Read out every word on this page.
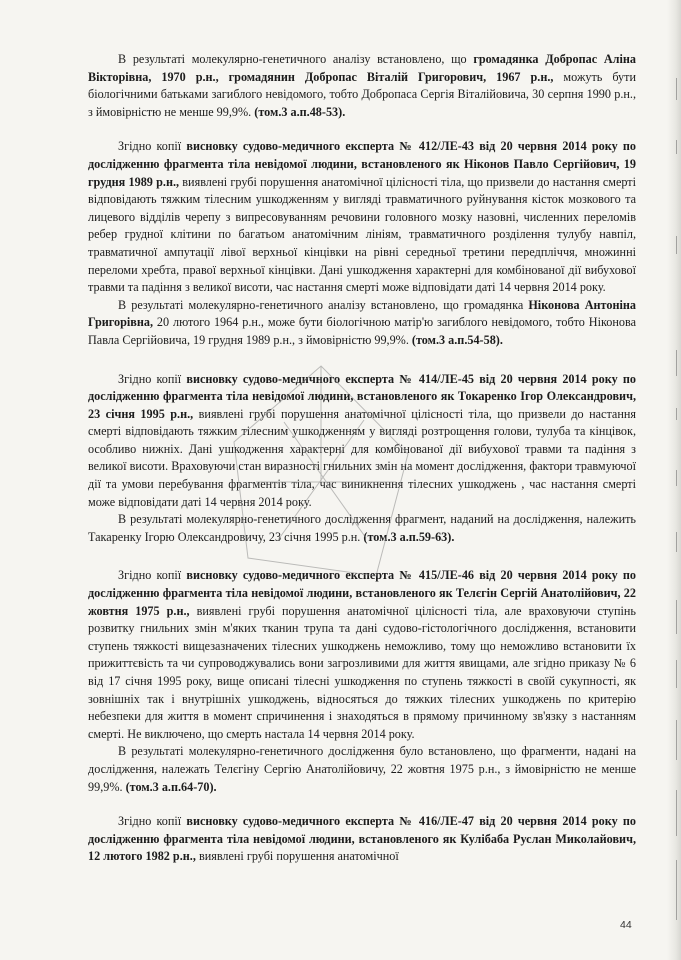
В результаті молекулярно-генетичного аналізу встановлено, що громадянка Добропас Аліна Вікторівна, 1970 р.н., громадянин Добропас Віталій Григорович, 1967 р.н., можуть бути біологічними батьками загиблого невідомого, тобто Добропаса Сергія Віталійовича, 30 серпня 1990 р.н., з ймовірністю не менше 99,9%. (том.3 а.п.48-53).

Згідно копії висновку судово-медичного експерта № 412/ЛЕ-43 від 20 червня 2014 року по дослідженню фрагмента тіла невідомої людини, встановленого як Ніконов Павло Сергійович, 19 грудня 1989 р.н., виявлені грубі порушення анатомічної цілісності тіла, що призвели до настання смерті відповідають тяжким тілесним ушкодженням у вигляді травматичного руйнування кісток мозкового та лицевого відділів черепу з випресовуванням речовини головного мозку назовні, численних переломів ребер грудної клітини по багатьом анатомічним лініям, травматичного розділення тулубу навпіл, травматичної ампутації лівої верхньої кінцівки на рівні середньої третини передпліччя, множинні переломи хребта, правої верхньої кінцівки. Дані ушкодження характерні для комбінованої дії вибухової травми та падіння з великої висоти, час настання смерті може відповідати даті 14 червня 2014 року.

В результаті молекулярно-генетичного аналізу встановлено, що громадянка Ніконова Антоніна Григорівна, 20 лютого 1964 р.н., може бути біологічною матір'ю загиблого невідомого, тобто Ніконова Павла Сергійовича, 19 грудня 1989 р.н., з ймовірністю 99,9%. (том.3 а.п.54-58).

Згідно копії висновку судово-медичного експерта № 414/ЛЕ-45 від 20 червня 2014 року по дослідженню фрагмента тіла невідомої людини, встановленого як Токаренко Ігор Олександрович, 23 січня 1995 р.н., виявлені грубі порушення анатомічної цілісності тіла, що призвели до настання смерті відповідають тяжким тілесним ушкодженням у вигляді розтрощення голови, тулуба та кінцівок, особливо нижніх. Дані ушкодження характерні для комбінованої дії вибухової травми та падіння з великої висоти. Враховуючи стан виразності гнильних змін на момент дослідження, фактори травмуючої дії та умови перебування фрагментів тіла, час виникнення тілесних ушкоджень , час настання смерті може відповідати даті 14 червня 2014 року.

В результаті молекулярно-генетичного дослідження фрагмент, наданий на дослідження, належить Такаренку Ігорю Олександровичу, 23 січня 1995 р.н. (том.3 а.п.59-63).

Згідно копії висновку судово-медичного експерта № 415/ЛЕ-46 від 20 червня 2014 року по дослідженню фрагмента тіла невідомої людини, встановленого як Телєгін Сергій Анатолійович, 22 жовтня 1975 р.н., виявлені грубі порушення анатомічної цілісності тіла, але враховуючи ступінь розвитку гнильних змін м'яких тканин трупа та дані судово-гістологічного дослідження, встановити ступень тяжкості вищезазначених тілесних ушкоджень неможливо, тому що неможливо встановити їх прижиттєвість та чи супроводжувались вони загрозливими для життя явищами, але згідно приказу № 6 від 17 січня 1995 року, вище описані тілесні ушкодження по ступень тяжкості в своїй сукупності, як зовнішніх так і внутрішніх ушкоджень, відносяться до тяжких тілесних ушкоджень по критерію небезпеки для життя в момент спричинення і знаходяться в прямому причинному зв'язку з настанням смерті. Не виключено, що смерть настала 14 червня 2014 року.

В результаті молекулярно-генетичного дослідження було встановлено, що фрагменти, надані на дослідження, належать Телєгіну Сергію Анатолійовичу, 22 жовтня 1975 р.н., з ймовірністю не менше 99,9%. (том.3 а.п.64-70).

Згідно копії висновку судово-медичного експерта № 416/ЛЕ-47 від 20 червня 2014 року по дослідженню фрагмента тіла невідомої людини, встановленого як Кулібаба Руслан Миколайович, 12 лютого 1982 р.н., виявлені грубі порушення анатомічної

44
